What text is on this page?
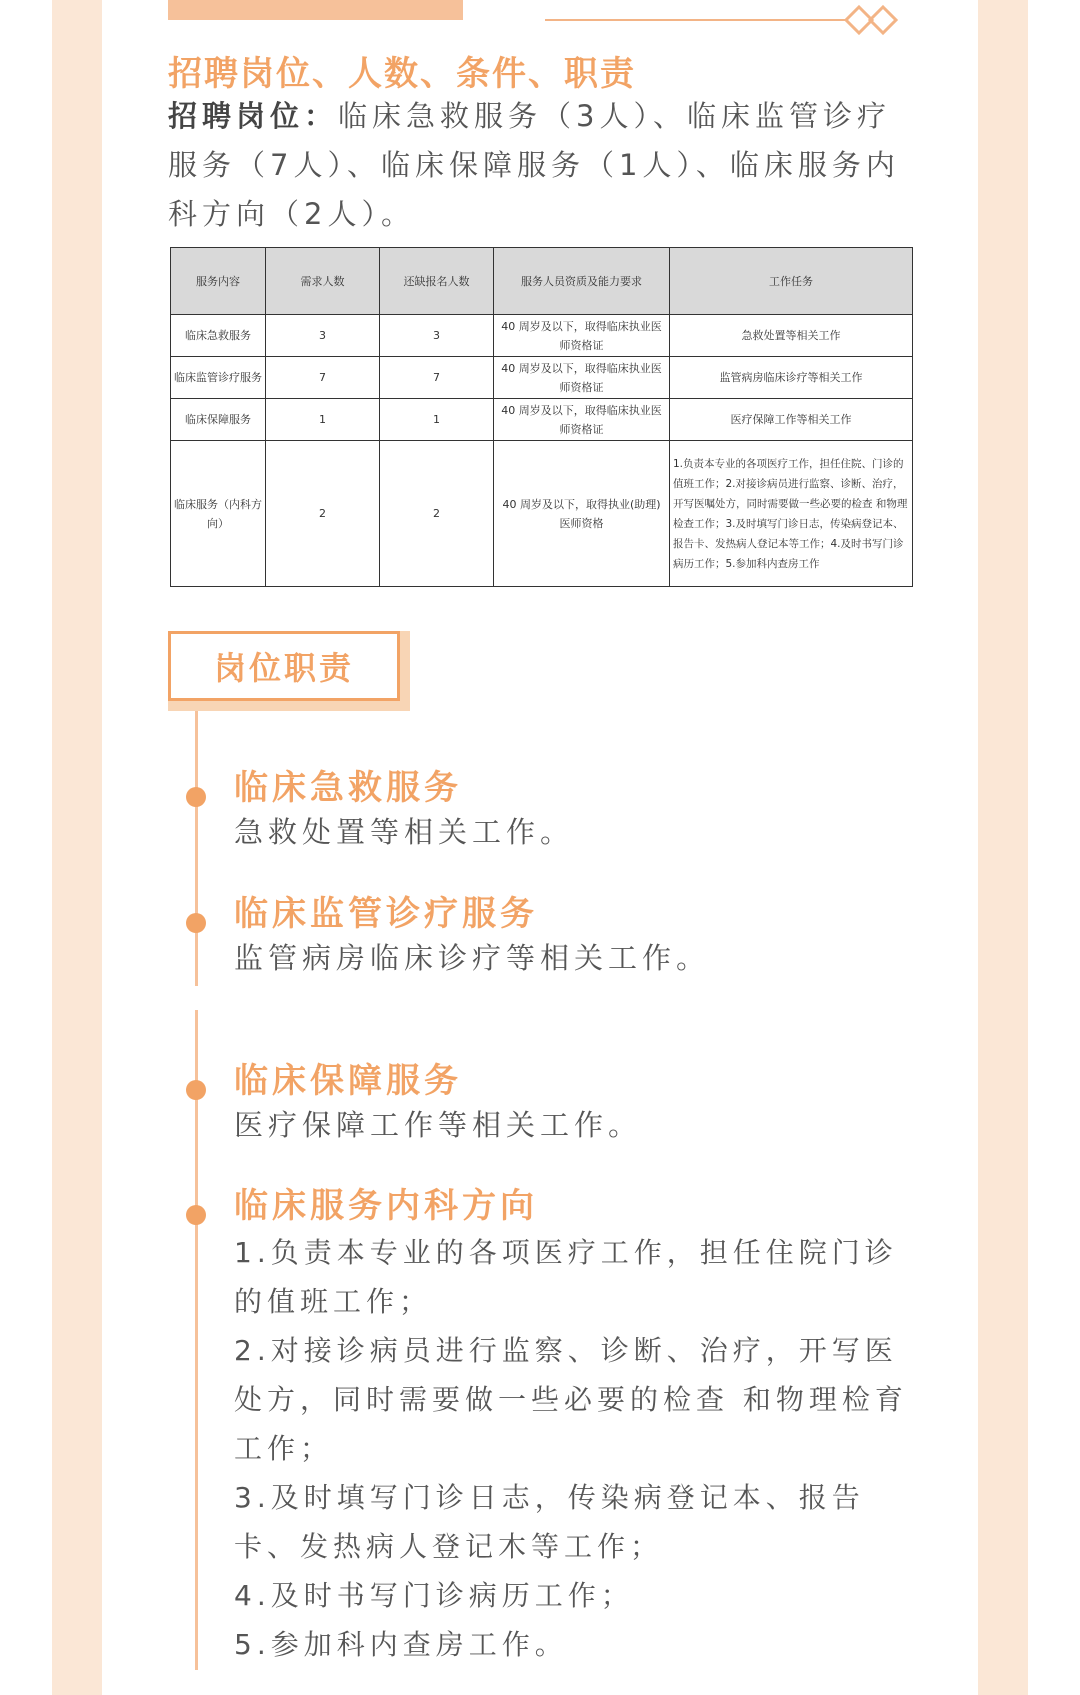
招聘岗位、人数、条件、职责

招聘岗位：临床急救服务（3人）、临床监管诊疗服务（7人）、临床保障服务（1人）、临床服务内科方向（2人）。

服务内容	需求人数	还缺报名人数	服务人员资质及能力要求	工作任务
临床急救服务	3	3	40 周岁及以下，取得临床执业医师资格证	急救处置等相关工作
临床监管诊疗服务	7	7	40 周岁及以下，取得临床执业医师资格证	监管病房临床诊疗等相关工作
临床保障服务	1	1	40 周岁及以下，取得临床执业医师资格证	医疗保障工作等相关工作
临床服务（内科方向）	2	2	40 周岁及以下，取得执业(助理)医师资格	1.负责本专业的各项医疗工作，担任住院、门诊的值班工作；2.对接诊病员进行监察、诊断、治疗，开写医嘱处方，同时需要做一些必要的检查 和物理检查工作；3.及时填写门诊日志，传染病登记本、报告卡、发热病人登记本等工作；4.及时书写门诊病历工作；5.参加科内查房工作
岗位职责
临床急救服务

急救处置等相关工作。

临床监管诊疗服务

监管病房临床诊疗等相关工作。

临床保障服务

医疗保障工作等相关工作。

临床服务内科方向
1.负责本专业的各项医疗工作，担任住院门诊的值班工作；
2.对接诊病员进行监察、诊断、治疗，开写医处方，同时需要做一些必要的检查 和物理检育工作；
3.及时填写门诊日志，传染病登记本、报告卡、发热病人登记木等工作；
4.及时书写门诊病历工作；
5.参加科内查房工作。
